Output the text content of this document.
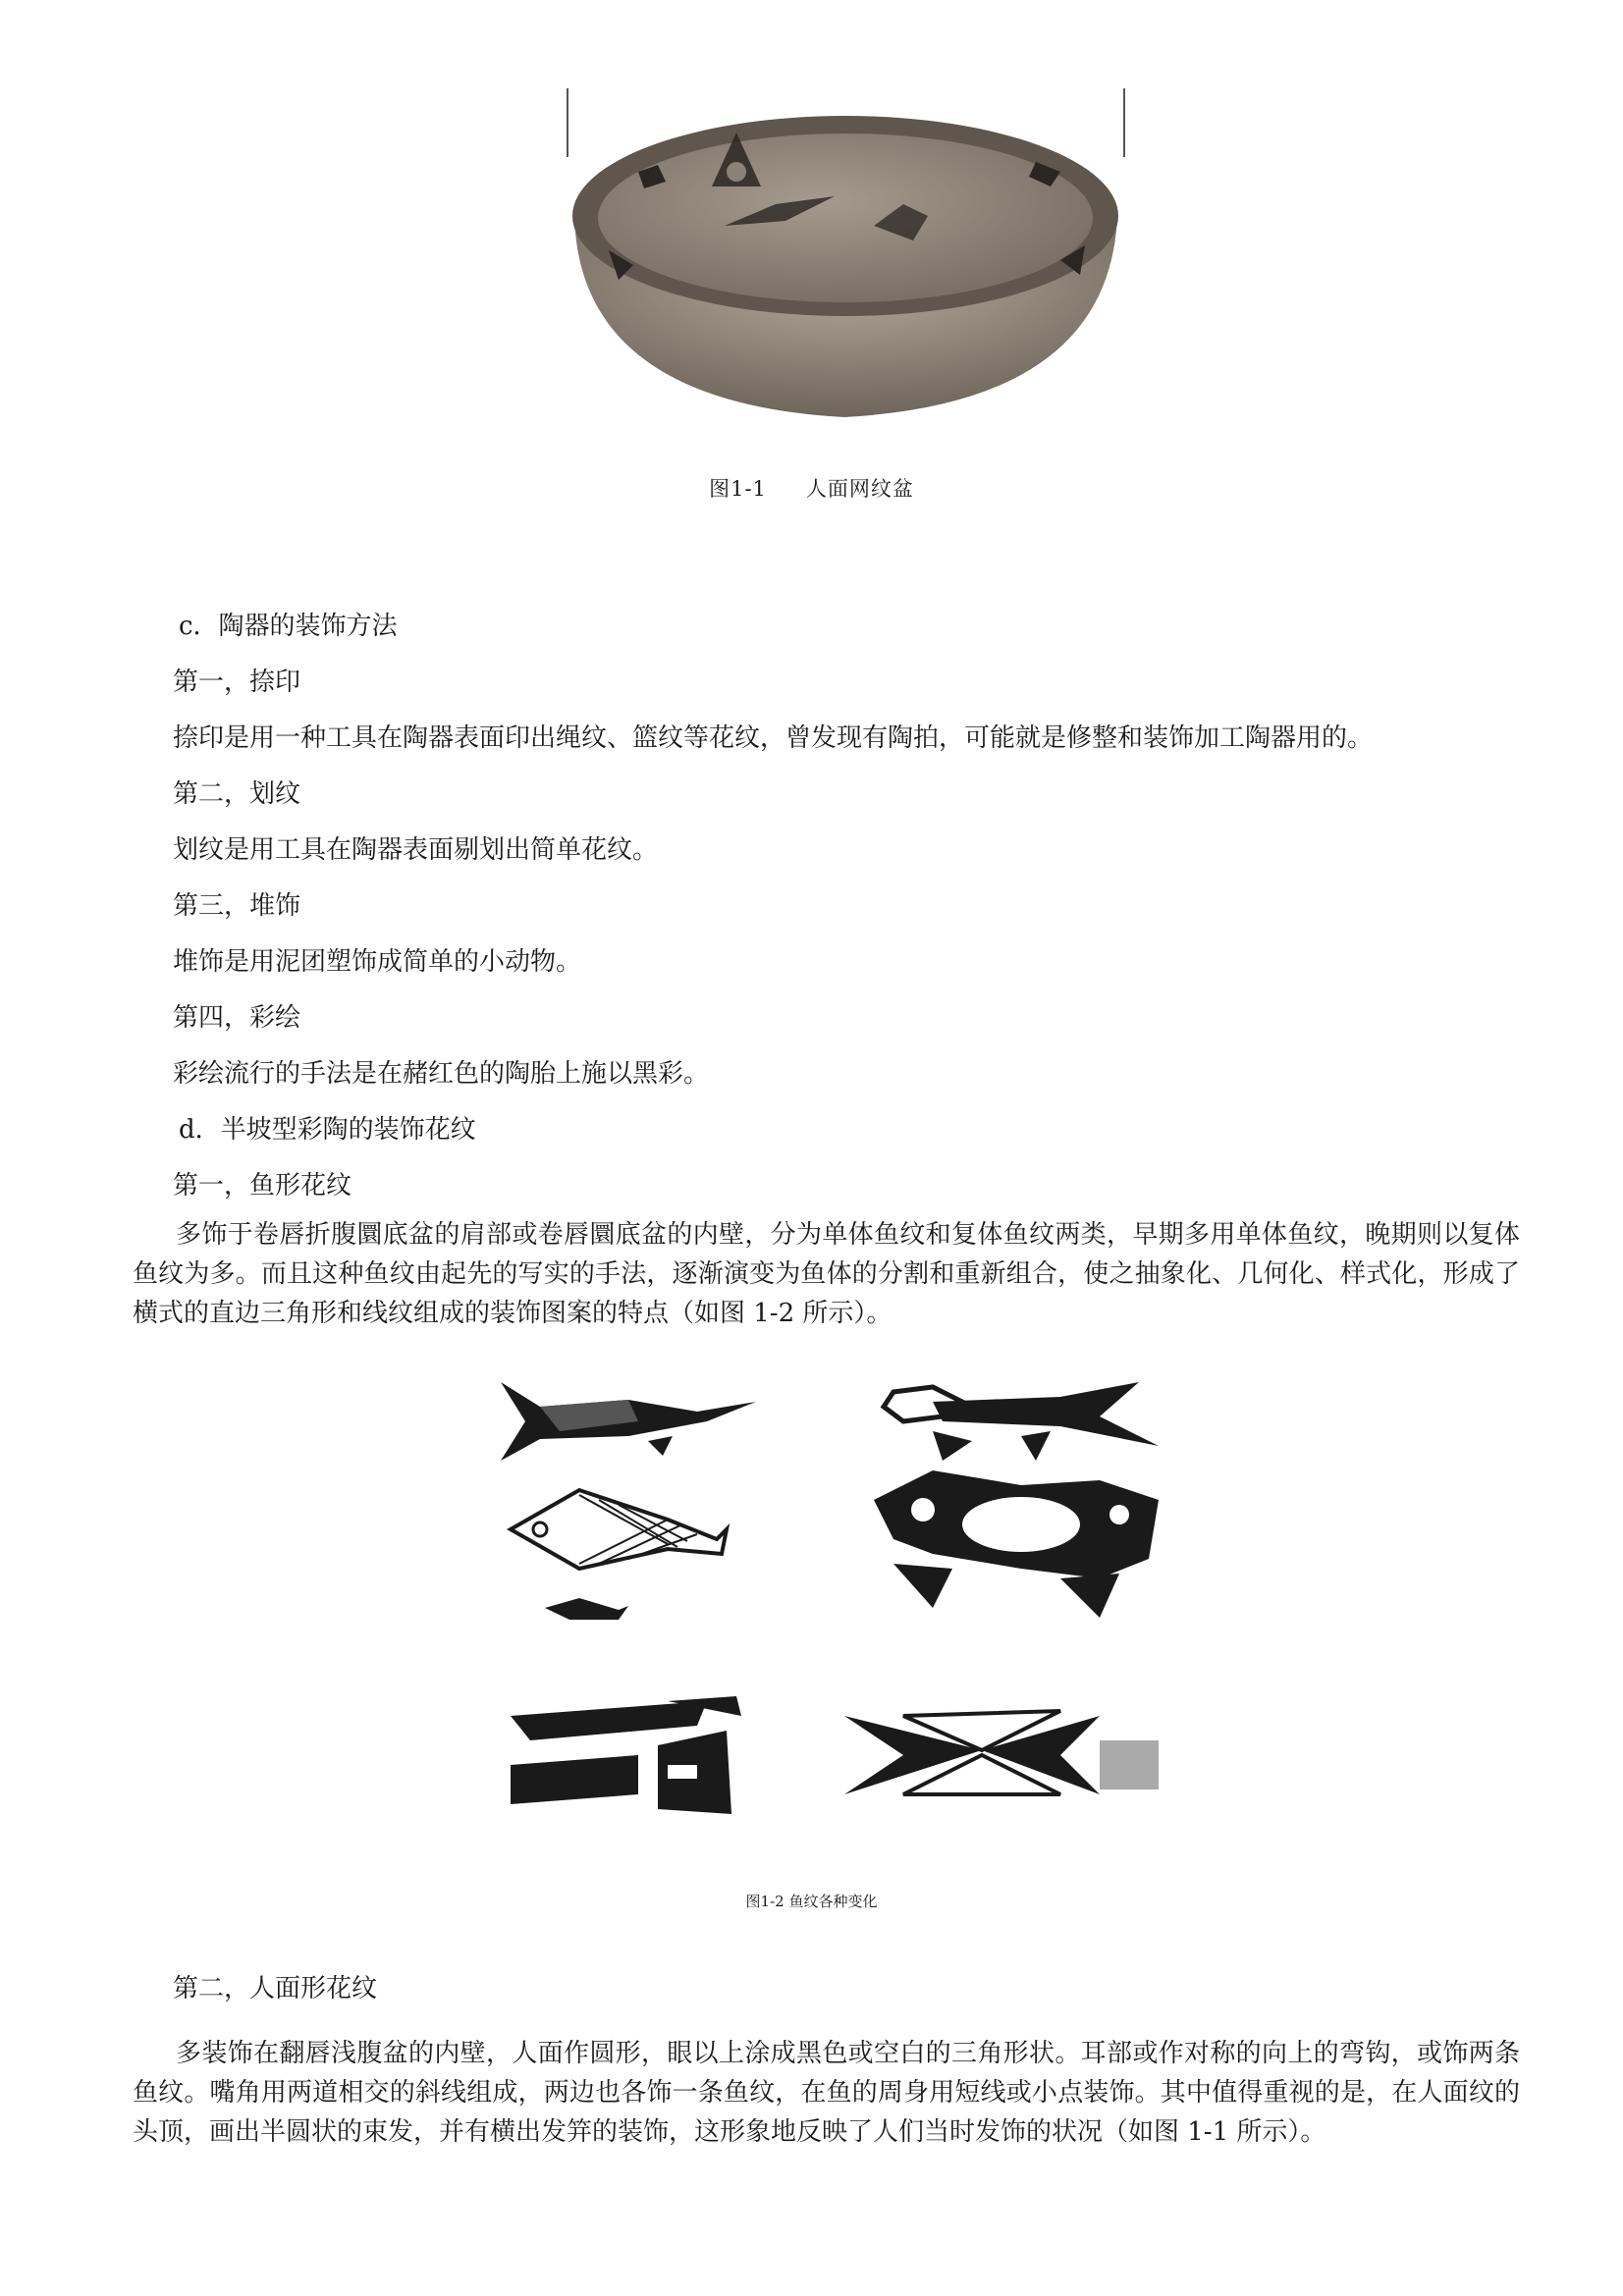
图1-1 人面网纹盆

c．陶器的装饰方法

第一，捺印

捺印是用一种工具在陶器表面印出绳纹、篮纹等花纹，曾发现有陶拍，可能就是修整和装饰加工陶器用的。

第二，划纹

划纹是用工具在陶器表面剔划出简单花纹。

第三，堆饰

堆饰是用泥团塑饰成简单的小动物。

第四，彩绘

彩绘流行的手法是在赭红色的陶胎上施以黑彩。

d．半坡型彩陶的装饰花纹

第一，鱼形花纹

多饰于卷唇折腹圜底盆的肩部或卷唇圜底盆的内壁，分为单体鱼纹和复体鱼纹两类，早期多用单体鱼纹，晚期则以复体鱼纹为多。而且这种鱼纹由起先的写实的手法，逐渐演变为鱼体的分割和重新组合，使之抽象化、几何化、样式化，形成了横式的直边三角形和线纹组成的装饰图案的特点（如图 1-2 所示）。

图1-2 鱼纹各种变化

第二，人面形花纹

多装饰在翻唇浅腹盆的内壁，人面作圆形，眼以上涂成黑色或空白的三角形状。耳部或作对称的向上的弯钩，或饰两条鱼纹。嘴角用两道相交的斜线组成，两边也各饰一条鱼纹，在鱼的周身用短线或小点装饰。其中值得重视的是，在人面纹的头顶，画出半圆状的束发，并有横出发笄的装饰，这形象地反映了人们当时发饰的状况（如图 1-1 所示）。
